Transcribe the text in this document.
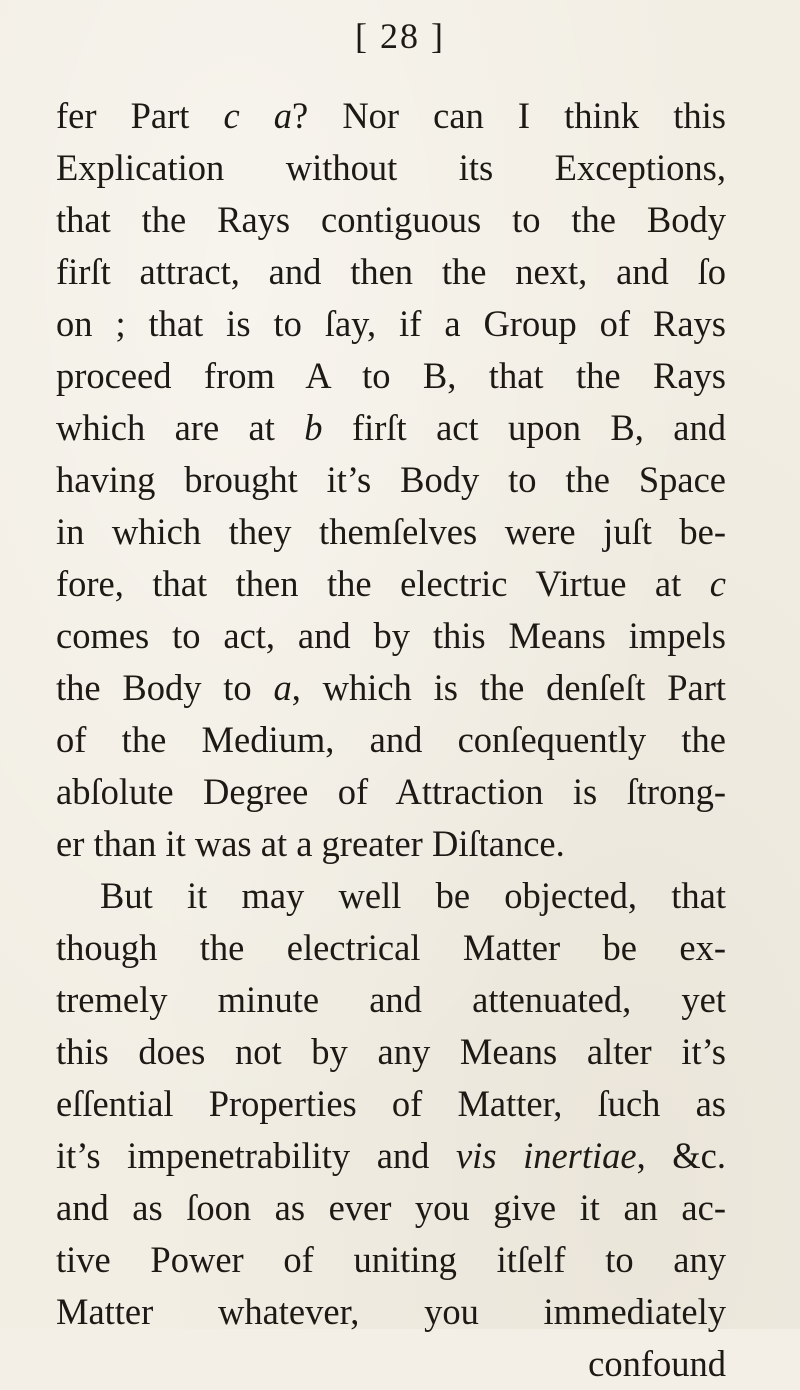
[ 28 ]
fer Part c a? Nor can I think this
Explication without its Exceptions,
that the Rays contiguous to the Body
firſt attract, and then the next, and ſo
on ; that is to ſay, if a Group of Rays
proceed from A to B, that the Rays
which are at b firſt act upon B, and
having brought it’s Body to the Space
in which they themſelves were juſt be-
fore, that then the electric Virtue at c
comes to act, and by this Means impels
the Body to a, which is the denſeſt Part
of the Medium, and conſequently the
abſolute Degree of Attraction is ſtrong-
er than it was at a greater Diſtance.
But it may well be objected, that
though the electrical Matter be ex-
tremely minute and attenuated, yet
this does not by any Means alter it’s
eſſential Properties of Matter, ſuch as
it’s impenetrability and vis inertiae, &c.
and as ſoon as ever you give it an ac-
tive Power of uniting itſelf to any
Matter whatever, you immediately
confound
